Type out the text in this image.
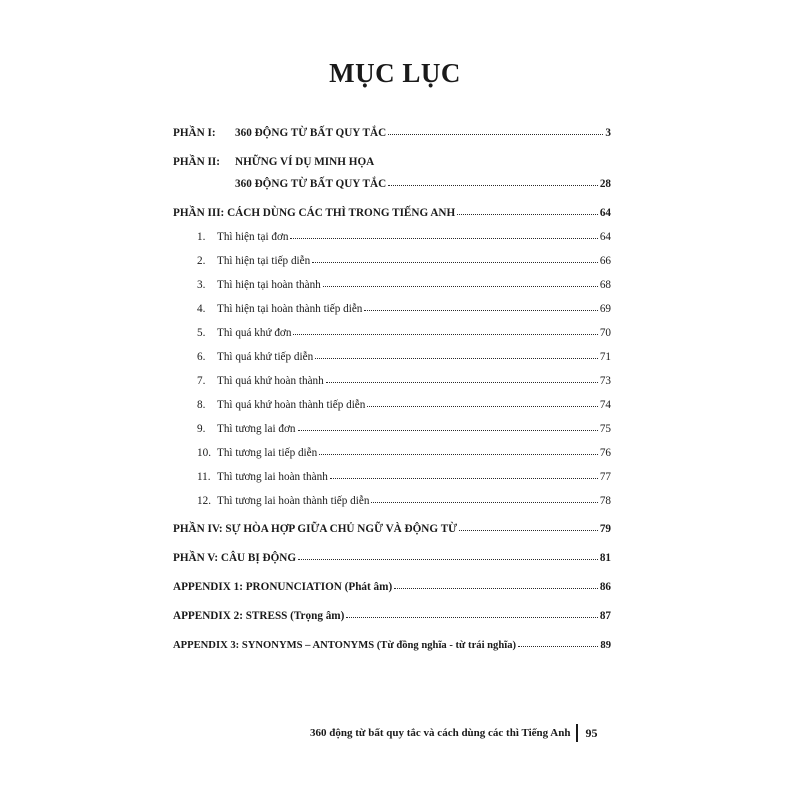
MỤC LỤC
PHẦN I:	360 ĐỘNG TỪ BẤT QUY TẮC	3
PHẦN II:	NHỮNG VÍ DỤ MINH HỌA
360 ĐỘNG TỪ BẤT QUY TẮC	28
PHẦN III: CÁCH DÙNG CÁC THÌ TRONG TIẾNG ANH	64
1.	Thì hiện tại đơn	64
2.	Thì hiện tại tiếp diễn	66
3.	Thì hiện tại hoàn thành	68
4.	Thì hiện tại hoàn thành tiếp diễn	69
5.	Thì quá khứ đơn	70
6.	Thì quá khứ tiếp diễn	71
7.	Thì quá khứ hoàn thành	73
8.	Thì quá khứ hoàn thành tiếp diễn	74
9.	Thì tương lai đơn	75
10. Thì tương lai tiếp diễn	76
11. Thì tương lai hoàn thành	77
12. Thì tương lai hoàn thành tiếp diễn	78
PHẦN IV: SỰ HÒA HỢP GIỮA CHỦ NGỮ VÀ ĐỘNG TỪ	79
PHẦN V: CÂU BỊ ĐỘNG	81
APPENDIX 1: PRONUNCIATION (Phát âm)	86
APPENDIX 2: STRESS (Trọng âm)	87
APPENDIX 3: SYNONYMS – ANTONYMS (Từ đồng nghĩa - từ trái nghĩa)	89
360 động từ bất quy tắc và cách dùng các thì Tiếng Anh 95
